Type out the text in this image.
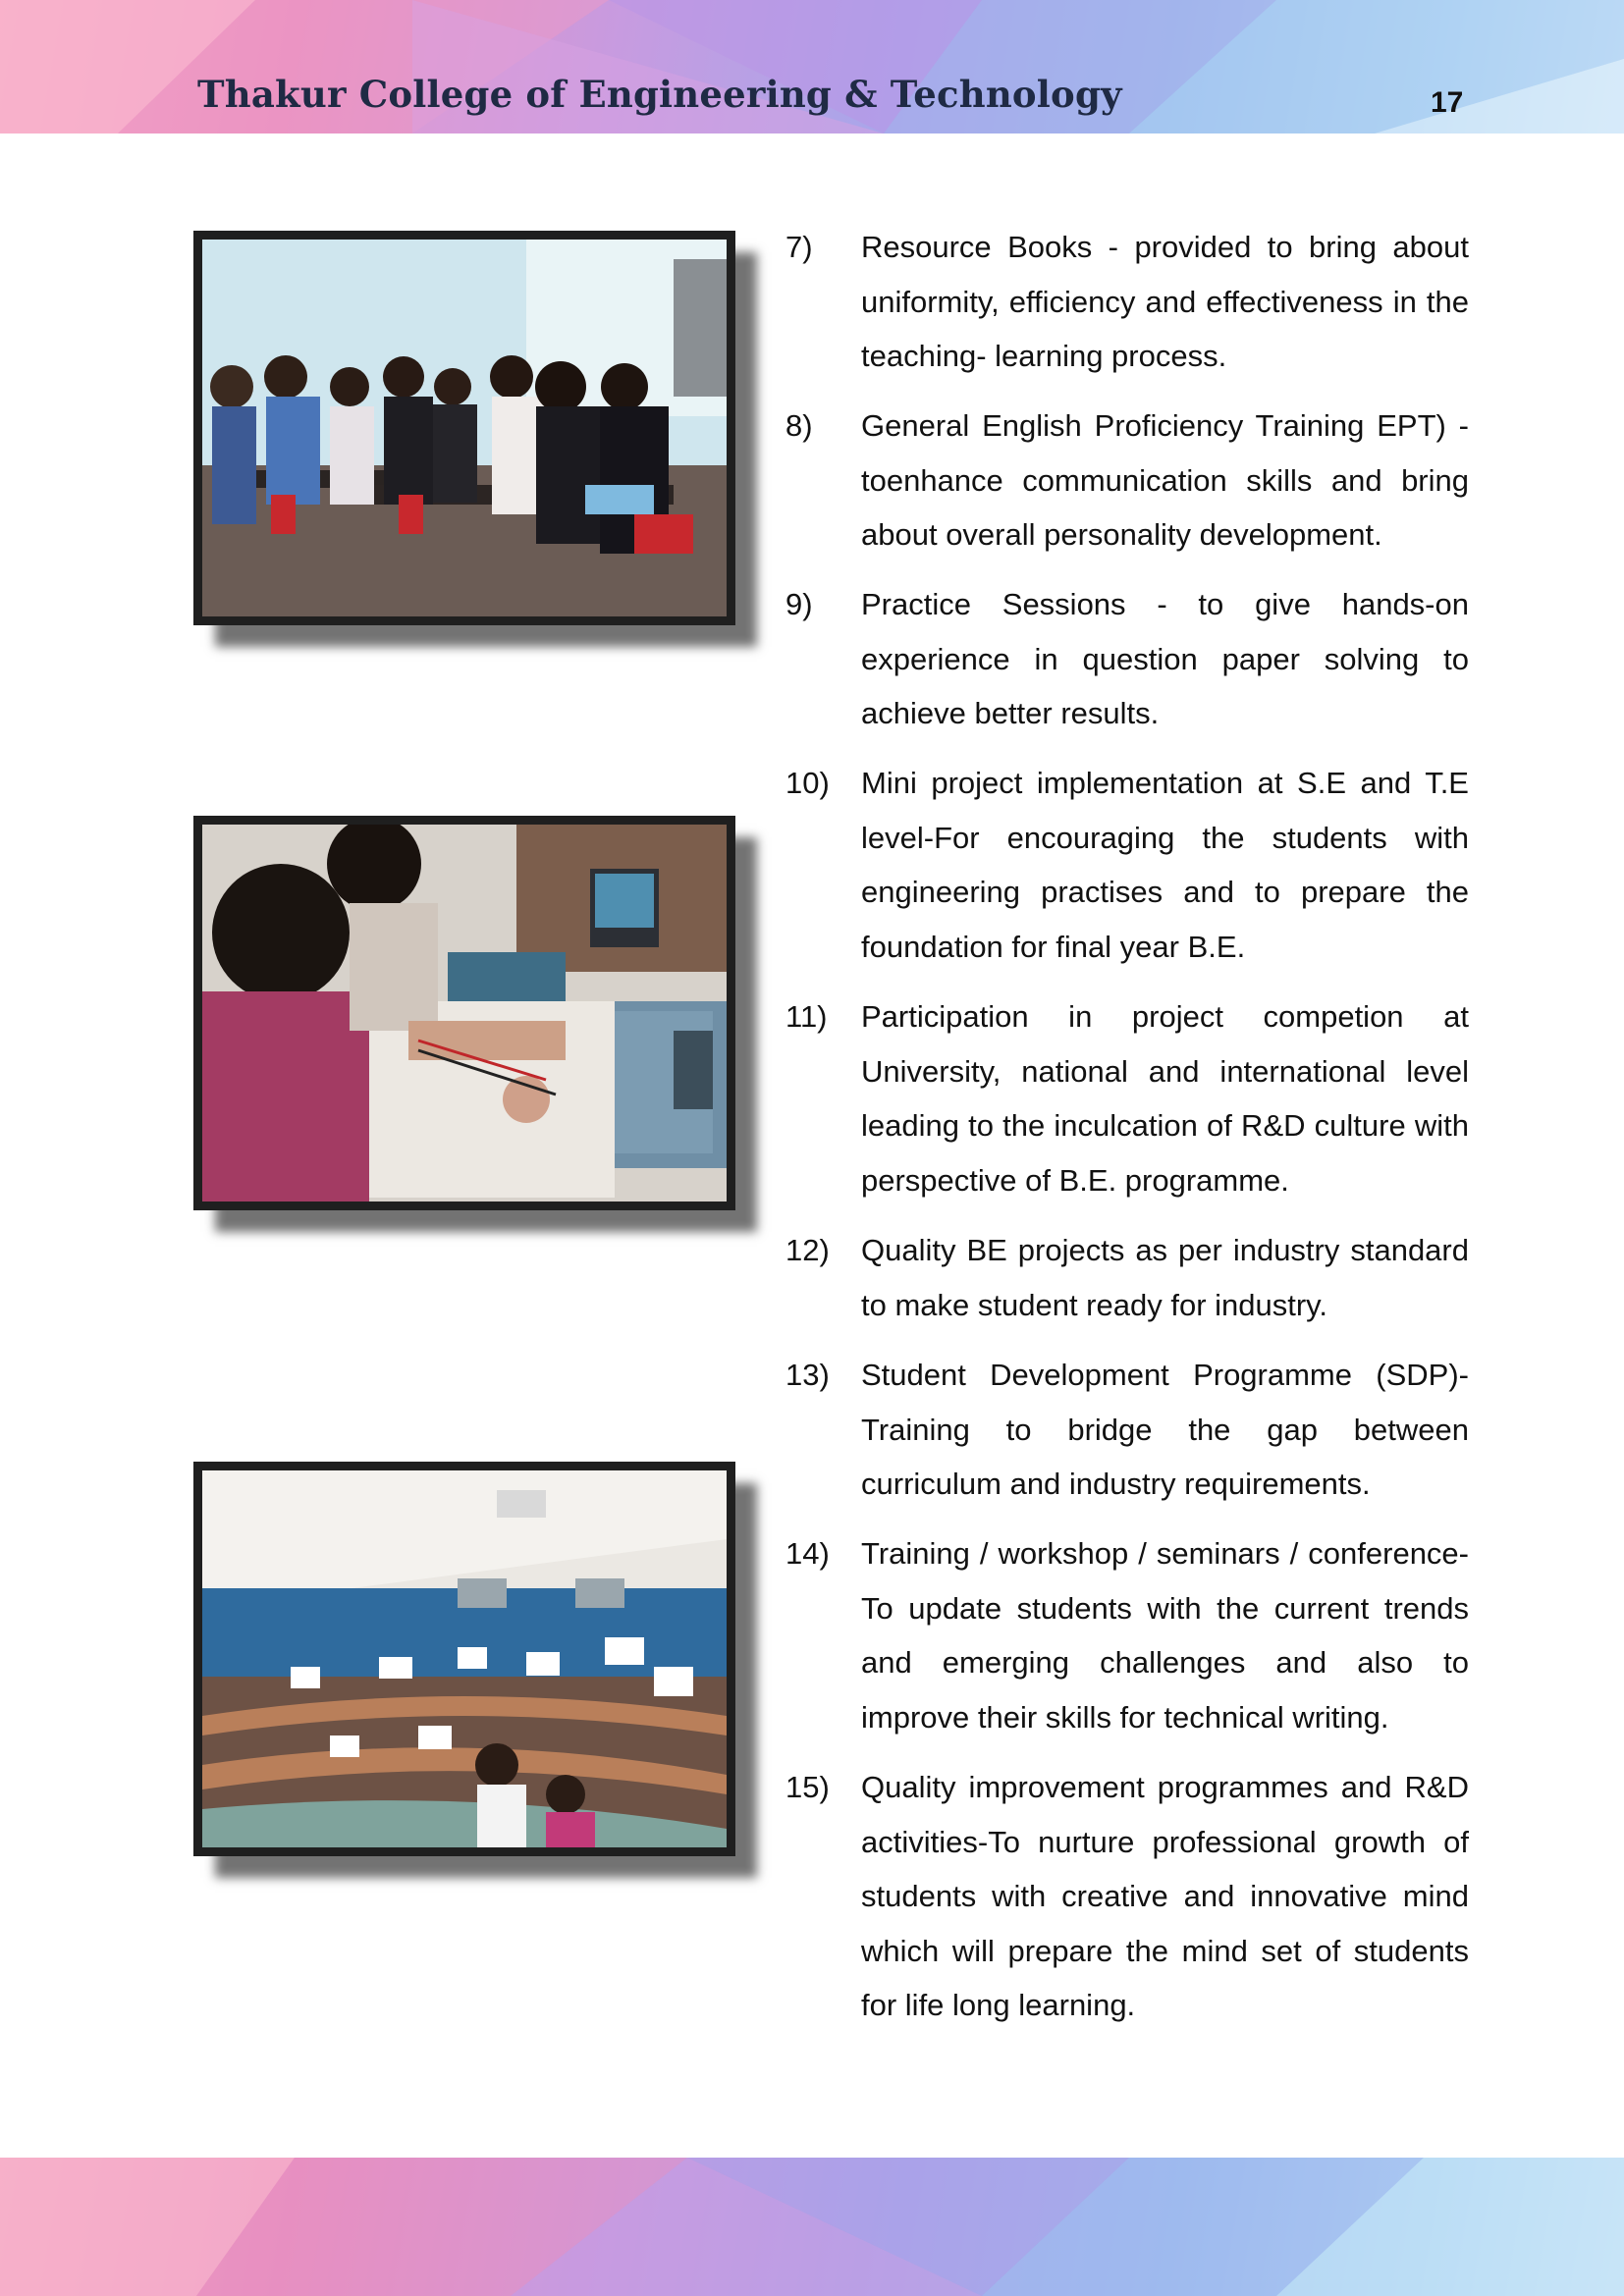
Thakur College of Engineering & Technology	17
7) Resource Books - provided to bring about uniformity, efficiency and effectiveness in the teaching- learning process.

8) General English Proficiency Training EPT) - toenhance communication skills and bring about overall personality development.

9) Practice Sessions - to give hands-on experience in question paper solving to achieve better results.

10) Mini project implementation at S.E and T.E level-For encouraging the students with engineering practises and to prepare the foundation for final year B.E.

11) Participation in project competion at University, national and international level leading to the inculcation of R&D culture with perspective of B.E. programme.

12) Quality BE projects as per industry standard to make student ready for industry.

13) Student Development Programme (SDP)- Training to bridge the gap between curriculum and industry requirements.

14) Training / workshop / seminars / conference- To update students with the current trends and emerging challenges and also to improve their skills for technical writing.

15) Quality improvement programmes and R&D activities-To nurture professional growth of students with creative and innovative mind which will prepare the mind set of students for life long learning.
